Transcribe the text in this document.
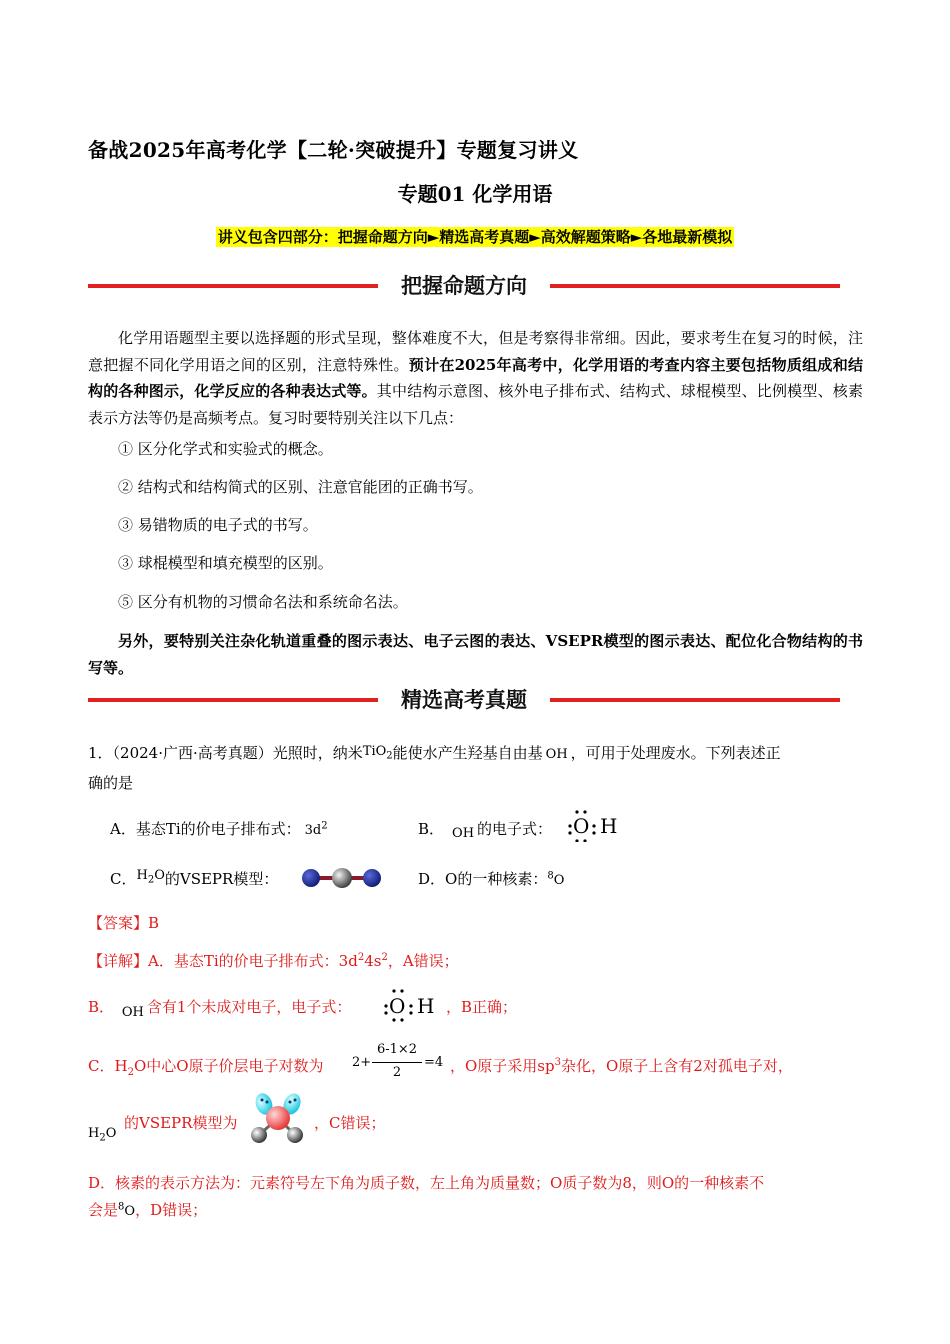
备战2025年高考化学【二轮·突破提升】专题复习讲义
专题01 化学用语
讲义包含四部分：把握命题方向►精选高考真题►高效解题策略►各地最新模拟
把握命题方向
化学用语题型主要以选择题的形式呈现，整体难度不大，但是考察得非常细。因此，要求考生在复习的时候，注意把握不同化学用语之间的区别，注意特殊性。预计在2025年高考中，化学用语的考查内容主要包括物质组成和结构的各种图示，化学反应的各种表达式等。其中结构示意图、核外电子排布式、结构式、球棍模型、比例模型、核素表示方法等仍是高频考点。复习时要特别关注以下几点：
① 区分化学式和实验式的概念。
② 结构式和结构简式的区别、注意官能团的正确书写。
③ 易错物质的电子式的书写。
③ 球棍模型和填充模型的区别。
⑤ 区分有机物的习惯命名法和系统命名法。
另外，要特别关注杂化轨道重叠的图示表达、电子云图的表达、VSEPR模型的图示表达、配位化合物结构的书写等。
精选高考真题
1．（2024·广西·高考真题）光照时，纳米TiO$_2$能使水产生羟基自由基 OH ，可用于处理废水。下列表述正
确的是
A．基态Ti的价电子排布式： $3d^2$	B． OH 的电子式： O H
C．$H_2O$的VSEPR模型：	D．O的一种核素：$^8$O
【答案】B
【详解】A．基态Ti的价电子排布式：$3d^24s^2$，A错误；
B． OH 含有1个未成对电子，电子式： O H ，B正确；
C．$H_2O$中心O原子价层电子对数为 2+
6-1×2
2
=4 ，O原子采用$sp^3$杂化，O原子上含有2对孤电子对，
$H_2O$
的VSEPR模型为	，C错误；
D．核素的表示方法为：元素符号左下角为质子数，左上角为质量数；O质子数为8，则O的一种核素不
会是$^8$O，D错误；
